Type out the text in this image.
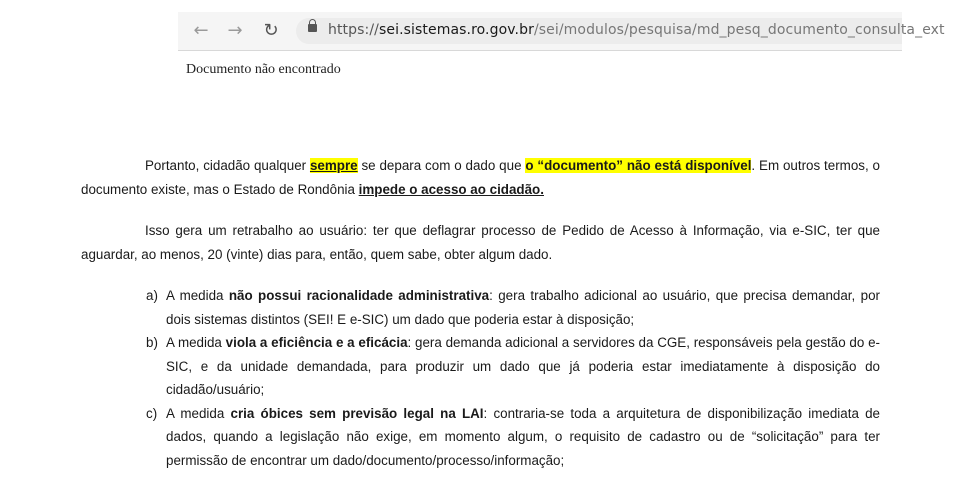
← → ↻	https://sei.sistemas.ro.gov.br/sei/modulos/pesquisa/md_pesq_documento_consulta_ext
Documento não encontrado

Portanto, cidadão qualquer sempre se depara com o dado que o “documento” não está disponível. Em outros termos, o documento existe, mas o Estado de Rondônia impede o acesso ao cidadão.

Isso gera um retrabalho ao usuário: ter que deflagrar processo de Pedido de Acesso à Informação, via e-SIC, ter que aguardar, ao menos, 20 (vinte) dias para, então, quem sabe, obter algum dado.

a) A medida não possui racionalidade administrativa: gera trabalho adicional ao usuário, que precisa demandar, por dois sistemas distintos (SEI! E e-SIC) um dado que poderia estar à disposição;
b) A medida viola a eficiência e a eficácia: gera demanda adicional a servidores da CGE, responsáveis pela gestão do e-SIC, e da unidade demandada, para produzir um dado que já poderia estar imediatamente à disposição do cidadão/usuário;
c) A medida cria óbices sem previsão legal na LAI: contraria-se toda a arquitetura de disponibilização imediata de dados, quando a legislação não exige, em momento algum, o requisito de cadastro ou de “solicitação” para ter permissão de encontrar um dado/documento/processo/informação;
